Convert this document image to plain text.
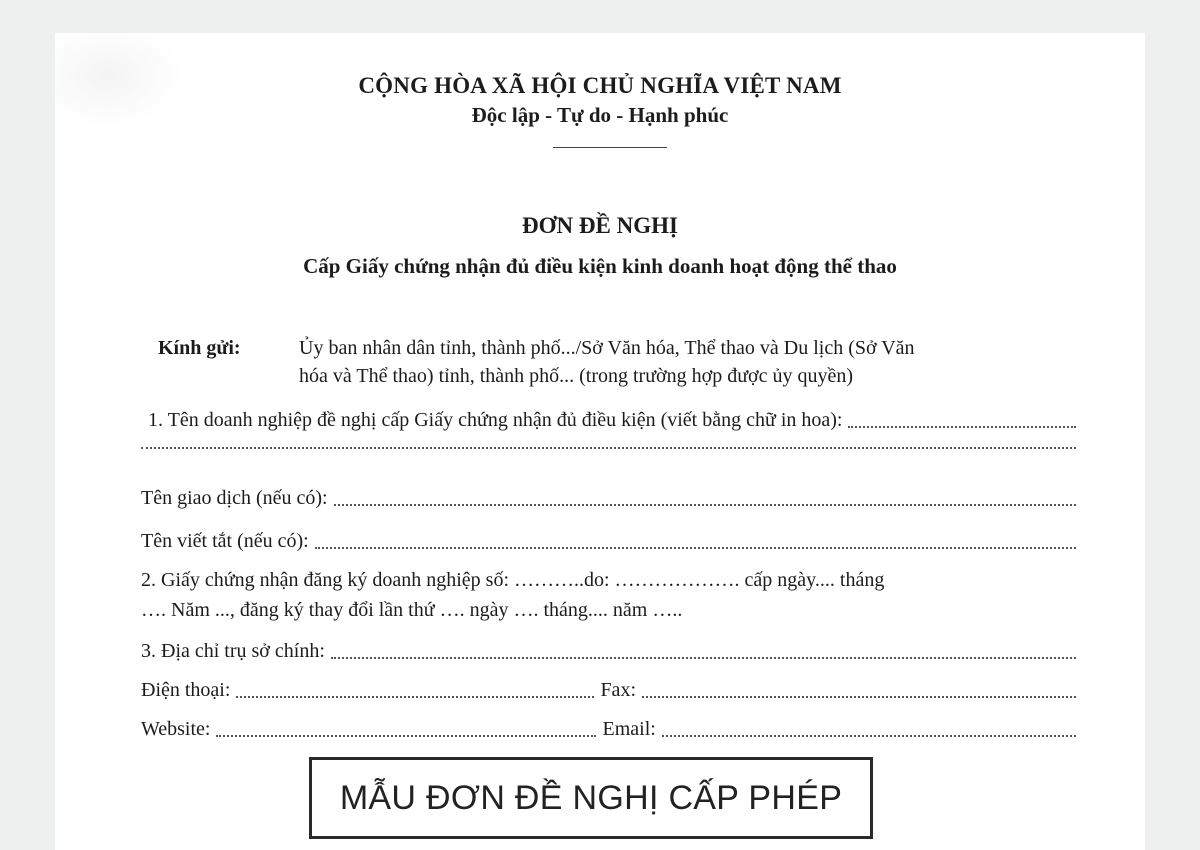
CỘNG HÒA XÃ HỘI CHỦ NGHĨA VIỆT NAM
Độc lập - Tự do - Hạnh phúc
ĐƠN ĐỀ NGHỊ
Cấp Giấy chứng nhận đủ điều kiện kinh doanh hoạt động thể thao
Kính gửi:	Ủy ban nhân dân tỉnh, thành phố.../Sở Văn hóa, Thể thao và Du lịch (Sở Văn
hóa và Thể thao) tỉnh, thành phố... (trong trường hợp được ủy quyền)
1. Tên doanh nghiệp đề nghị cấp Giấy chứng nhận đủ điều kiện (viết bằng chữ in hoa):
Tên giao dịch (nếu có):
Tên viết tắt (nếu có):
2. Giấy chứng nhận đăng ký doanh nghiệp số: ………..do: ………………. cấp ngày.... tháng
…. Năm ..., đăng ký thay đổi lần thứ …. ngày …. tháng.... năm …..
3. Địa chỉ trụ sở chính:
Điện thoại:	Fax:
Website:	Email:
MẪU ĐƠN ĐỀ NGHỊ CẤP PHÉP
